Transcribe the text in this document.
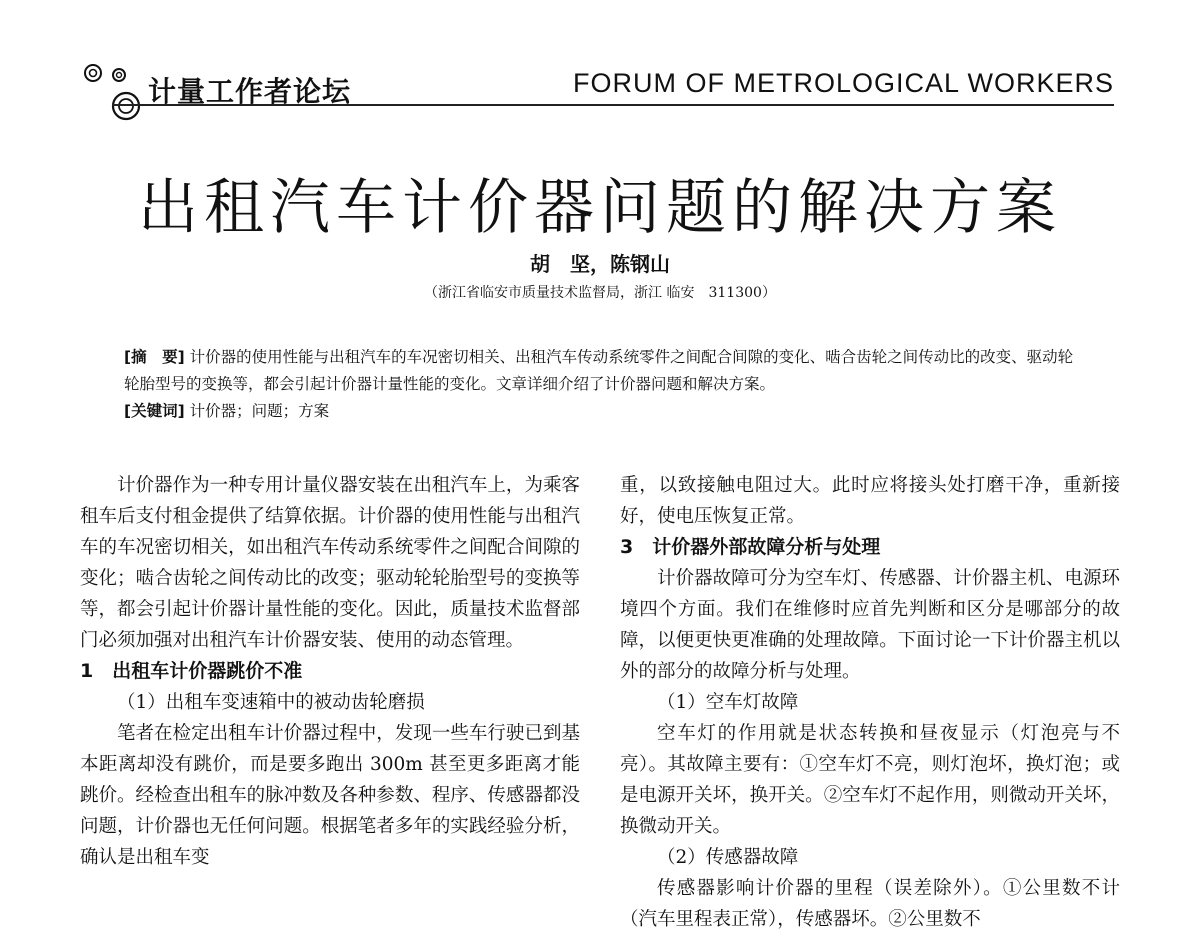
计量工作者论坛	FORUM OF METROLOGICAL WORKERS
出租汽车计价器问题的解决方案
胡　坚，陈钢山
（浙江省临安市质量技术监督局，浙江 临安　311300）

[摘　要] 计价器的使用性能与出租汽车的车况密切相关、出租汽车传动系统零件之间配合间隙的变化、啮合齿轮之间传动比的改变、驱动轮轮胎型号的变换等，都会引起计价器计量性能的变化。文章详细介绍了计价器问题和解决方案。

[关键词] 计价器；问题；方案

计价器作为一种专用计量仪器安装在出租汽车上，为乘客租车后支付租金提供了结算依据。计价器的使用性能与出租汽车的车况密切相关，如出租汽车传动系统零件之间配合间隙的变化；啮合齿轮之间传动比的改变；驱动轮轮胎型号的变换等等，都会引起计价器计量性能的变化。因此，质量技术监督部门必须加强对出租汽车计价器安装、使用的动态管理。

1　出租车计价器跳价不准

（1）出租车变速箱中的被动齿轮磨损

笔者在检定出租车计价器过程中，发现一些车行驶已到基本距离却没有跳价，而是要多跑出 300m 甚至更多距离才能跳价。经检查出租车的脉冲数及各种参数、程序、传感器都没问题，计价器也无任何问题。根据笔者多年的实践经验分析，确认是出租车变

重，以致接触电阻过大。此时应将接头处打磨干净，重新接好，使电压恢复正常。

3　计价器外部故障分析与处理

计价器故障可分为空车灯、传感器、计价器主机、电源环境四个方面。我们在维修时应首先判断和区分是哪部分的故障，以便更快更准确的处理故障。下面讨论一下计价器主机以外的部分的故障分析与处理。

（1）空车灯故障

空车灯的作用就是状态转换和昼夜显示（灯泡亮与不亮）。其故障主要有：①空车灯不亮，则灯泡坏，换灯泡；或是电源开关坏，换开关。②空车灯不起作用，则微动开关坏，换微动开关。

（2）传感器故障

传感器影响计价器的里程（误差除外）。①公里数不计（汽车里程表正常），传感器坏。②公里数不
